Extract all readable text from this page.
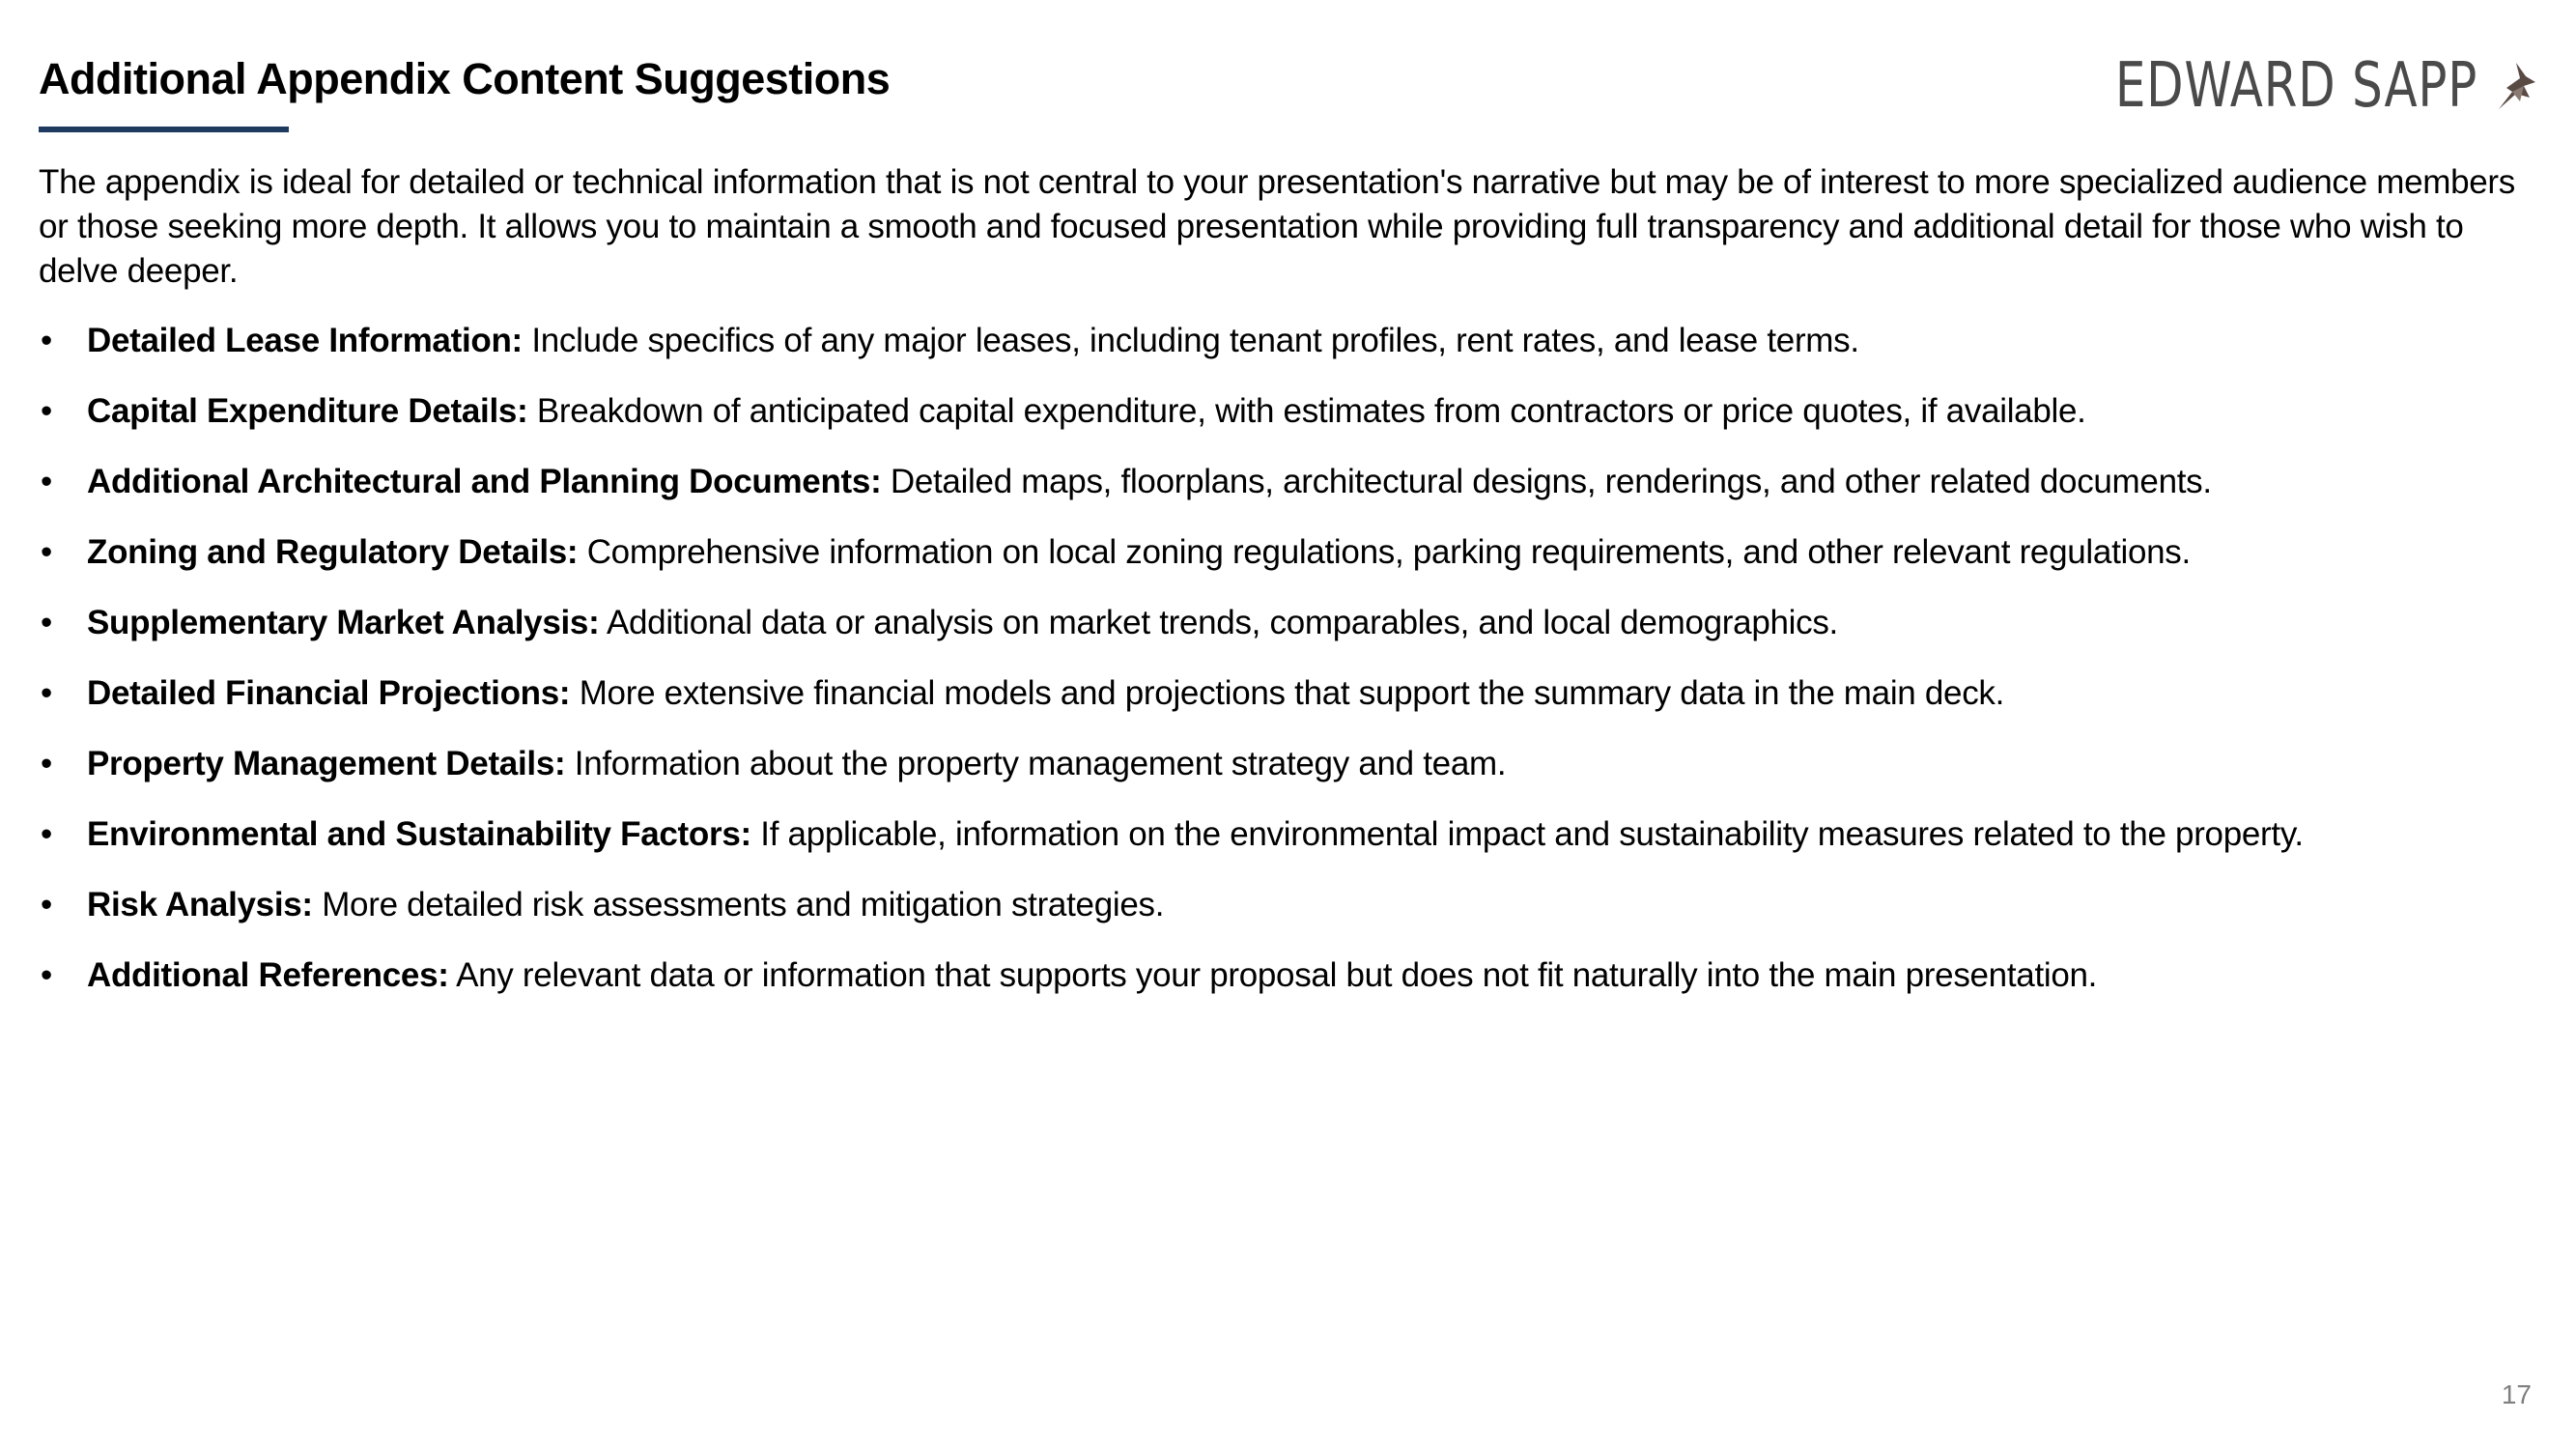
Additional Appendix Content Suggestions	EDWARD SAPP

The appendix is ideal for detailed or technical information that is not central to your presentation's narrative but may be of interest to more specialized audience members or those seeking more depth. It allows you to maintain a smooth and focused presentation while providing full transparency and additional detail for those who wish to delve deeper.

• Detailed Lease Information: Include specifics of any major leases, including tenant profiles, rent rates, and lease terms.
• Capital Expenditure Details: Breakdown of anticipated capital expenditure, with estimates from contractors or price quotes, if available.
• Additional Architectural and Planning Documents: Detailed maps, floorplans, architectural designs, renderings, and other related documents.
• Zoning and Regulatory Details: Comprehensive information on local zoning regulations, parking requirements, and other relevant regulations.
• Supplementary Market Analysis: Additional data or analysis on market trends, comparables, and local demographics.
• Detailed Financial Projections: More extensive financial models and projections that support the summary data in the main deck.
• Property Management Details: Information about the property management strategy and team.
• Environmental and Sustainability Factors: If applicable, information on the environmental impact and sustainability measures related to the property.
• Risk Analysis: More detailed risk assessments and mitigation strategies.
• Additional References: Any relevant data or information that supports your proposal but does not fit naturally into the main presentation.
17
